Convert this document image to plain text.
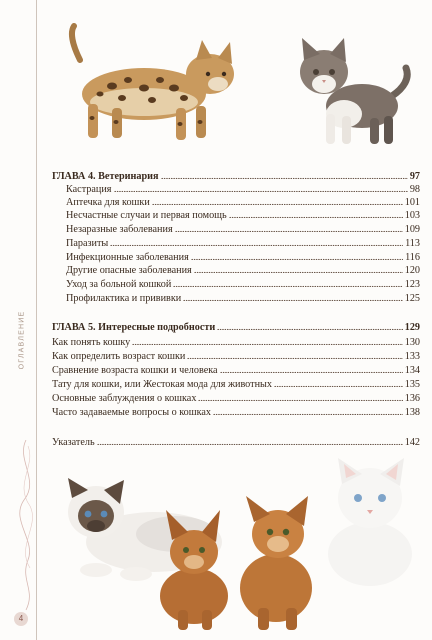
ОГЛАВЛЕНИЕ
4
ГЛАВА 4. Ветеринария	97
Кастрация	98
Аптечка для кошки	101
Несчастные случаи и первая помощь	103
Незаразные заболевания	109
Паразиты	113
Инфекционные заболевания	116
Другие опасные заболевания	120
Уход за больной кошкой	123
Профилактика и прививки	125
ГЛАВА 5. Интересные подробности	129
Как понять кошку	130
Как определить возраст кошки	133
Сравнение возраста кошки и человека	134
Тату для кошки, или Жестокая мода для животных	135
Основные заблуждения о кошках	136
Часто задаваемые вопросы о кошках	138
Указатель	142
